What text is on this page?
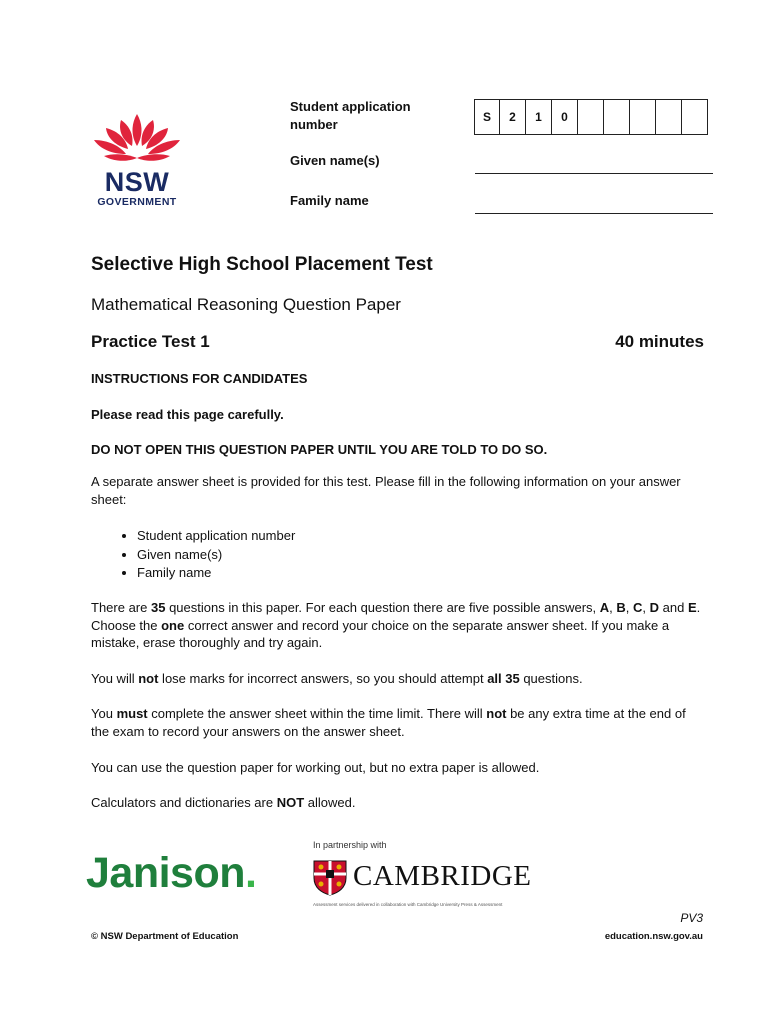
NSW
GOVERNMENT
Student application number	S	2	1	0
Given name(s)
Family name
Selective High School Placement Test
Mathematical Reasoning Question Paper
Practice Test 1	40 minutes
INSTRUCTIONS FOR CANDIDATES
Please read this page carefully.
DO NOT OPEN THIS QUESTION PAPER UNTIL YOU ARE TOLD TO DO SO.
A separate answer sheet is provided for this test. Please fill in the following information on your answer sheet:
• Student application number
• Given name(s)
• Family name
There are 35 questions in this paper. For each question there are five possible answers, A, B, C, D and E. Choose the one correct answer and record your choice on the separate answer sheet. If you make a mistake, erase thoroughly and try again.
You will not lose marks for incorrect answers, so you should attempt all 35 questions.
You must complete the answer sheet within the time limit. There will not be any extra time at the end of the exam to record your answers on the answer sheet.
You can use the question paper for working out, but no extra paper is allowed.
Calculators and dictionaries are NOT allowed.
Janison.
In partnership with
CAMBRIDGE
Assessment services delivered in collaboration with Cambridge University Press & Assessment
PV3
© NSW Department of Education	education.nsw.gov.au
